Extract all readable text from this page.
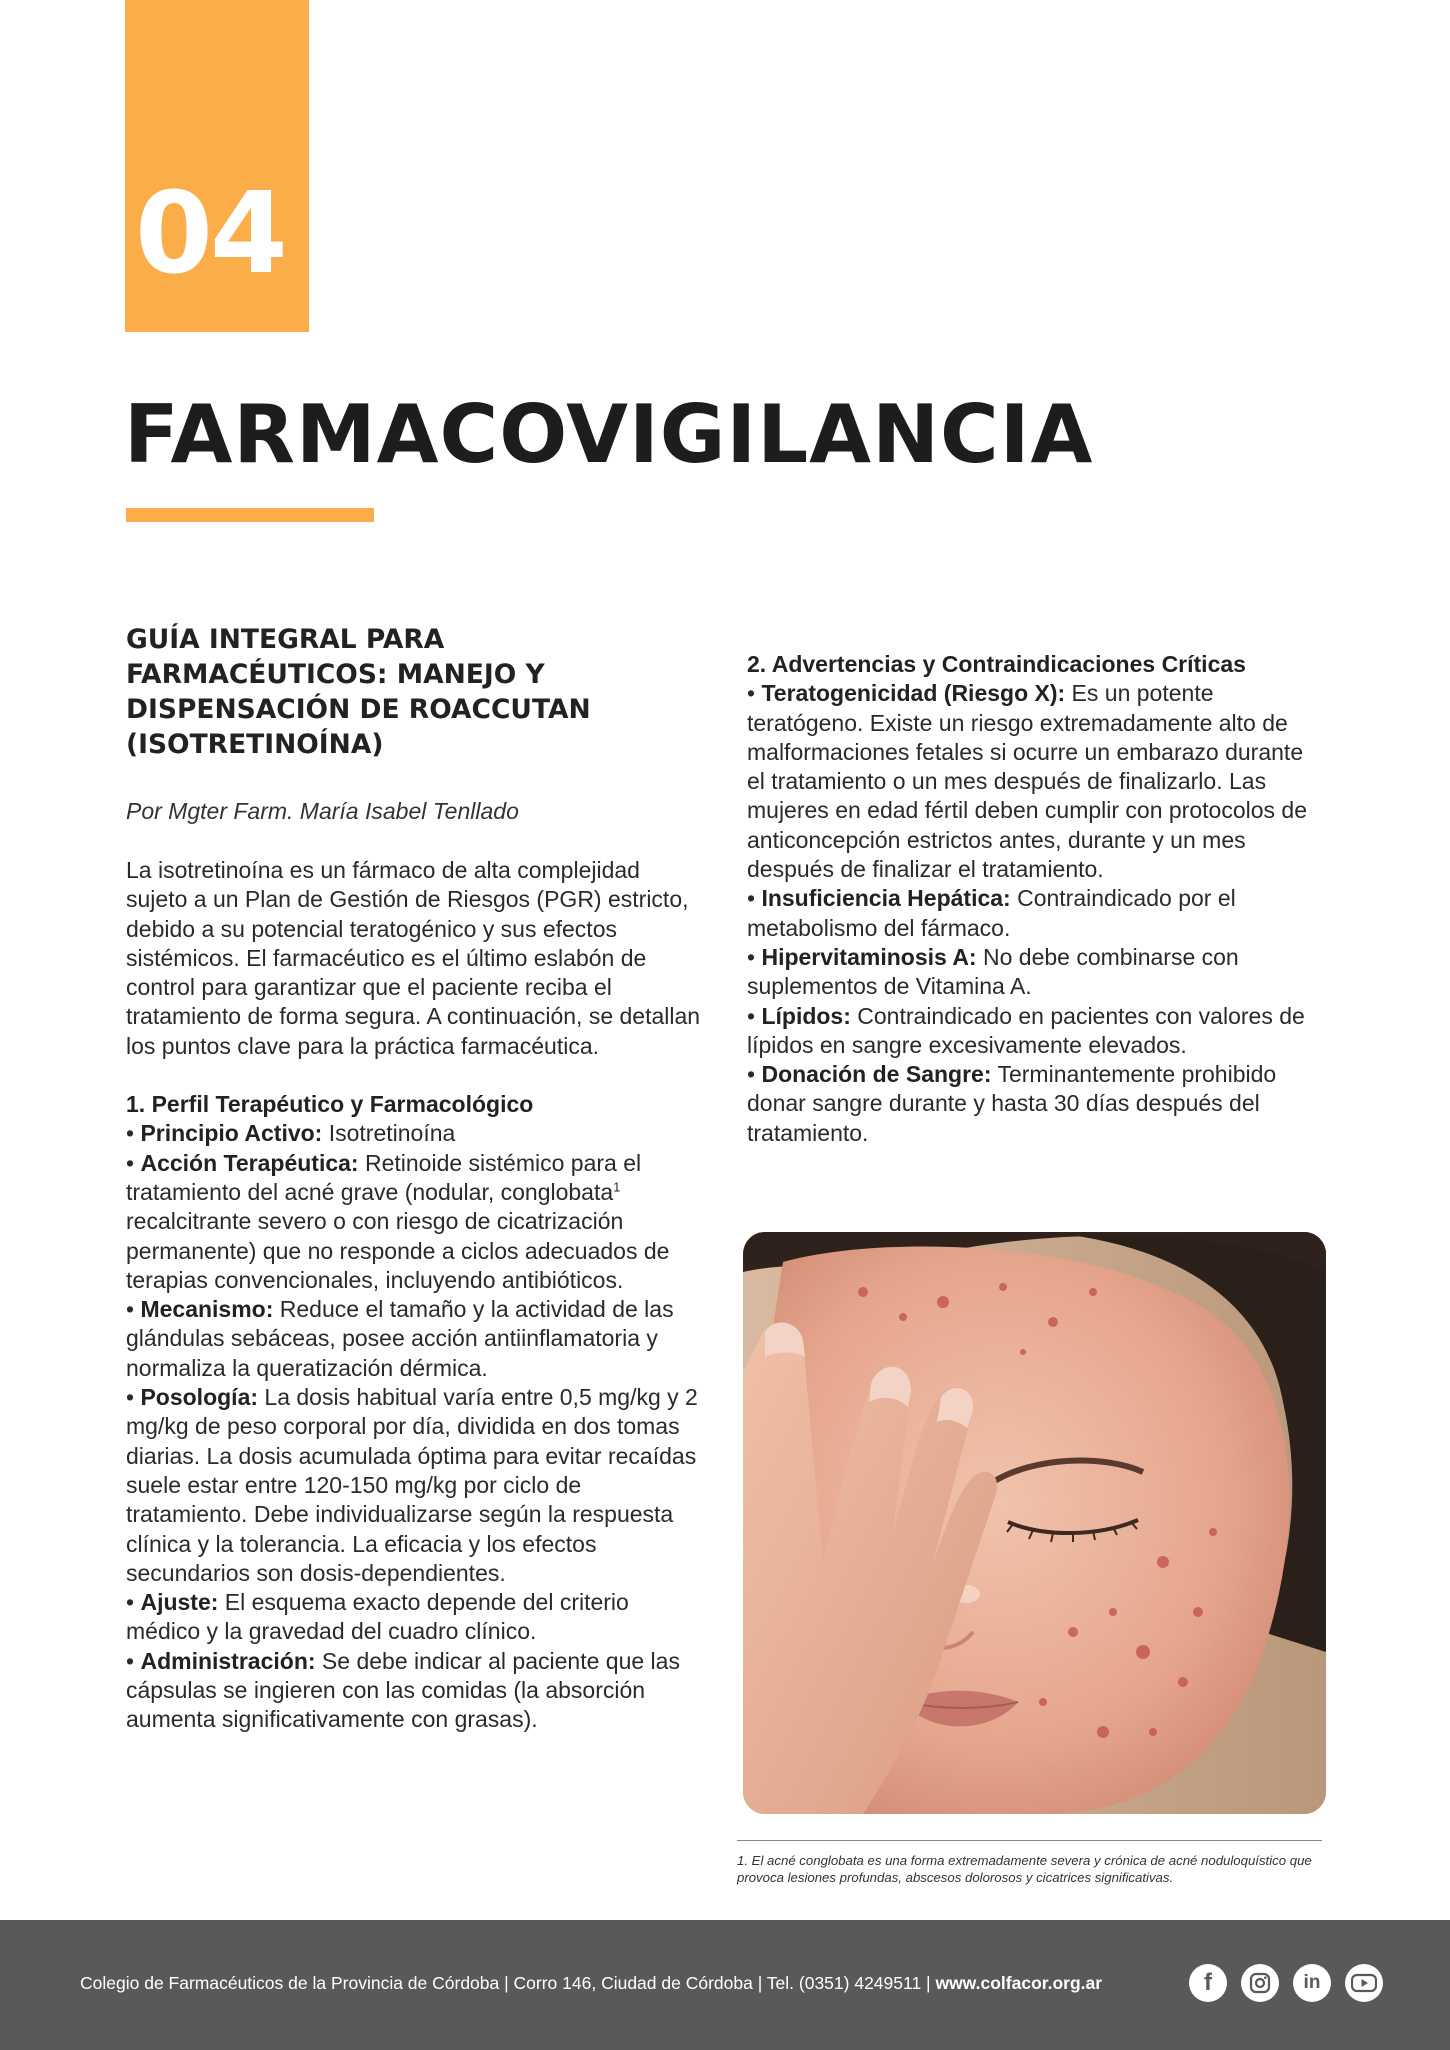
04
FARMACOVIGILANCIA
GUÍA INTEGRAL PARA FARMACÉUTICOS: MANEJO Y DISPENSACIÓN DE ROACCUTAN (ISOTRETINOÍNA)

Por Mgter Farm. María Isabel Tenllado

La isotretinoína es un fármaco de alta complejidad sujeto a un Plan de Gestión de Riesgos (PGR) estricto, debido a su potencial teratogénico y sus efectos sistémicos. El farmacéutico es el último eslabón de control para garantizar que el paciente reciba el tratamiento de forma segura. A continuación, se detallan los puntos clave para la práctica farmacéutica.

1. Perfil Terapéutico y Farmacológico
• Principio Activo: Isotretinoína
• Acción Terapéutica: Retinoide sistémico para el tratamiento del acné grave (nodular, conglobata$^1$ recalcitrante severo o con riesgo de cicatrización permanente) que no responde a ciclos adecuados de terapias convencionales, incluyendo antibióticos.
• Mecanismo: Reduce el tamaño y la actividad de las glándulas sebáceas, posee acción antiinflamatoria y normaliza la queratización dérmica.
• Posología: La dosis habitual varía entre 0,5 mg/kg y 2 mg/kg de peso corporal por día, dividida en dos tomas diarias. La dosis acumulada óptima para evitar recaídas suele estar entre 120-150 mg/kg por ciclo de tratamiento. Debe individualizarse según la respuesta clínica y la tolerancia. La eficacia y los efectos secundarios son dosis-dependientes.
• Ajuste: El esquema exacto depende del criterio médico y la gravedad del cuadro clínico.
• Administración: Se debe indicar al paciente que las cápsulas se ingieren con las comidas (la absorción aumenta significativamente con grasas).
2. Advertencias y Contraindicaciones Críticas
• Teratogenicidad (Riesgo X): Es un potente teratógeno. Existe un riesgo extremadamente alto de malformaciones fetales si ocurre un embarazo durante el tratamiento o un mes después de finalizarlo. Las mujeres en edad fértil deben cumplir con protocolos de anticoncepción estrictos antes, durante y un mes después de finalizar el tratamiento.
• Insuficiencia Hepática: Contraindicado por el metabolismo del fármaco.
• Hipervitaminosis A: No debe combinarse con suplementos de Vitamina A.
• Lípidos: Contraindicado en pacientes con valores de lípidos en sangre excesivamente elevados.
• Donación de Sangre: Terminantemente prohibido donar sangre durante y hasta 30 días después del tratamiento.

1. El acné conglobata es una forma extremadamente severa y crónica de acné noduloquístico que provoca lesiones profundas, abscesos dolorosos y cicatrices significativas.

Colegio de Farmacéuticos de la Provincia de Córdoba | Corro 146, Ciudad de Córdoba | Tel. (0351) 4249511 | www.colfacor.org.ar	f	in
